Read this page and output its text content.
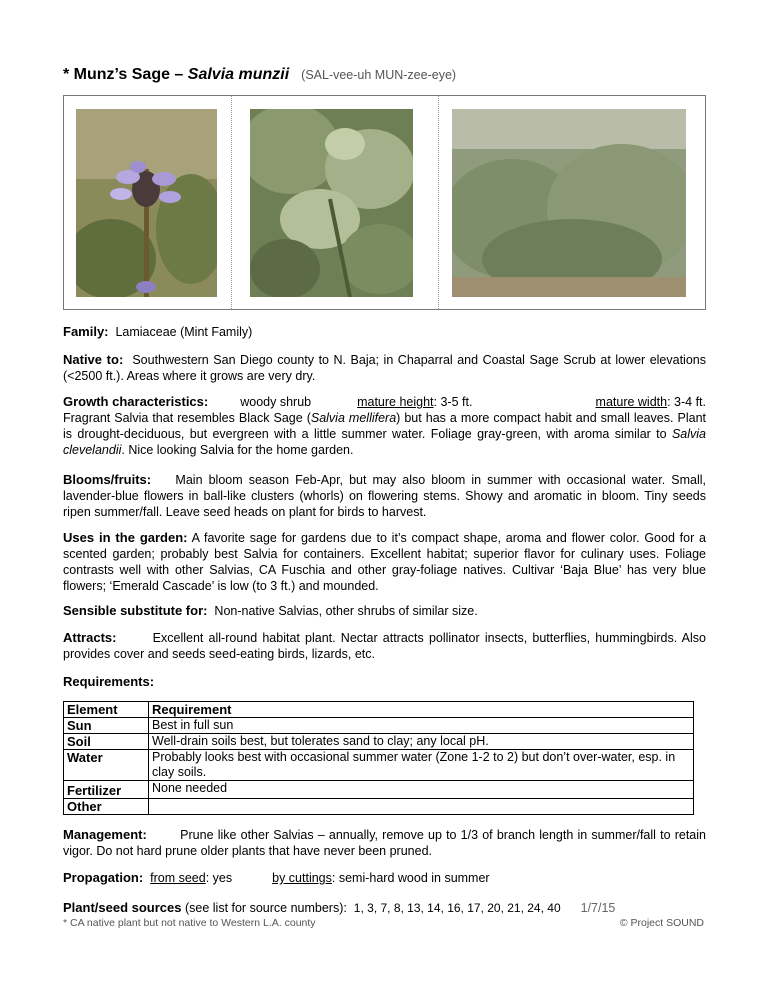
* Munz’s Sage – Salvia munzii (SAL-vee-uh MUN-zee-eye)
Family: Lamiaceae (Mint Family)
Native to: Southwestern San Diego county to N. Baja; in Chaparral and Coastal Sage Scrub at lower elevations (<2500 ft.). Areas where it grows are very dry.
Growth characteristics:	woody shrub	mature height: 3-5 ft.	mature width: 3-4 ft.
Fragrant Salvia that resembles Black Sage (Salvia mellifera) but has a more compact habit and small leaves. Plant is drought-deciduous, but evergreen with a little summer water. Foliage gray-green, with aroma similar to Salvia clevelandii. Nice looking Salvia for the home garden.
Blooms/fruits: Main bloom season Feb-Apr, but may also bloom in summer with occasional water. Small, lavender-blue flowers in ball-like clusters (whorls) on flowering stems. Showy and aromatic in bloom. Tiny seeds ripen summer/fall. Leave seed heads on plant for birds to harvest.
Uses in the garden: A favorite sage for gardens due to it’s compact shape, aroma and flower color. Good for a scented garden; probably best Salvia for containers. Excellent habitat; superior flavor for culinary uses. Foliage contrasts well with other Salvias, CA Fuschia and other gray-foliage natives. Cultivar ‘Baja Blue’ has very blue flowers; ‘Emerald Cascade’ is low (to 3 ft.) and mounded.
Sensible substitute for: Non-native Salvias, other shrubs of similar size.
Attracts:	Excellent all-round habitat plant. Nectar attracts pollinator insects, butterflies, hummingbirds. Also provides cover and seeds seed-eating birds, lizards, etc.
Requirements:
Element	Requirement
Sun	Best in full sun
Soil	Well-drain soils best, but tolerates sand to clay; any local pH.
Water	Probably looks best with occasional summer water (Zone 1-2 to 2) but don’t over-water, esp. in clay soils.
Fertilizer	None needed
Other	
Management:	Prune like other Salvias – annually, remove up to 1/3 of branch length in summer/fall to retain vigor. Do not hard prune older plants that have never been pruned.
Propagation: from seed: yes	by cuttings: semi-hard wood in summer
Plant/seed sources (see list for source numbers): 1, 3, 7, 8, 13, 14, 16, 17, 20, 21, 24, 40 1/7/15
* CA native plant but not native to Western L.A. county	© Project SOUND
